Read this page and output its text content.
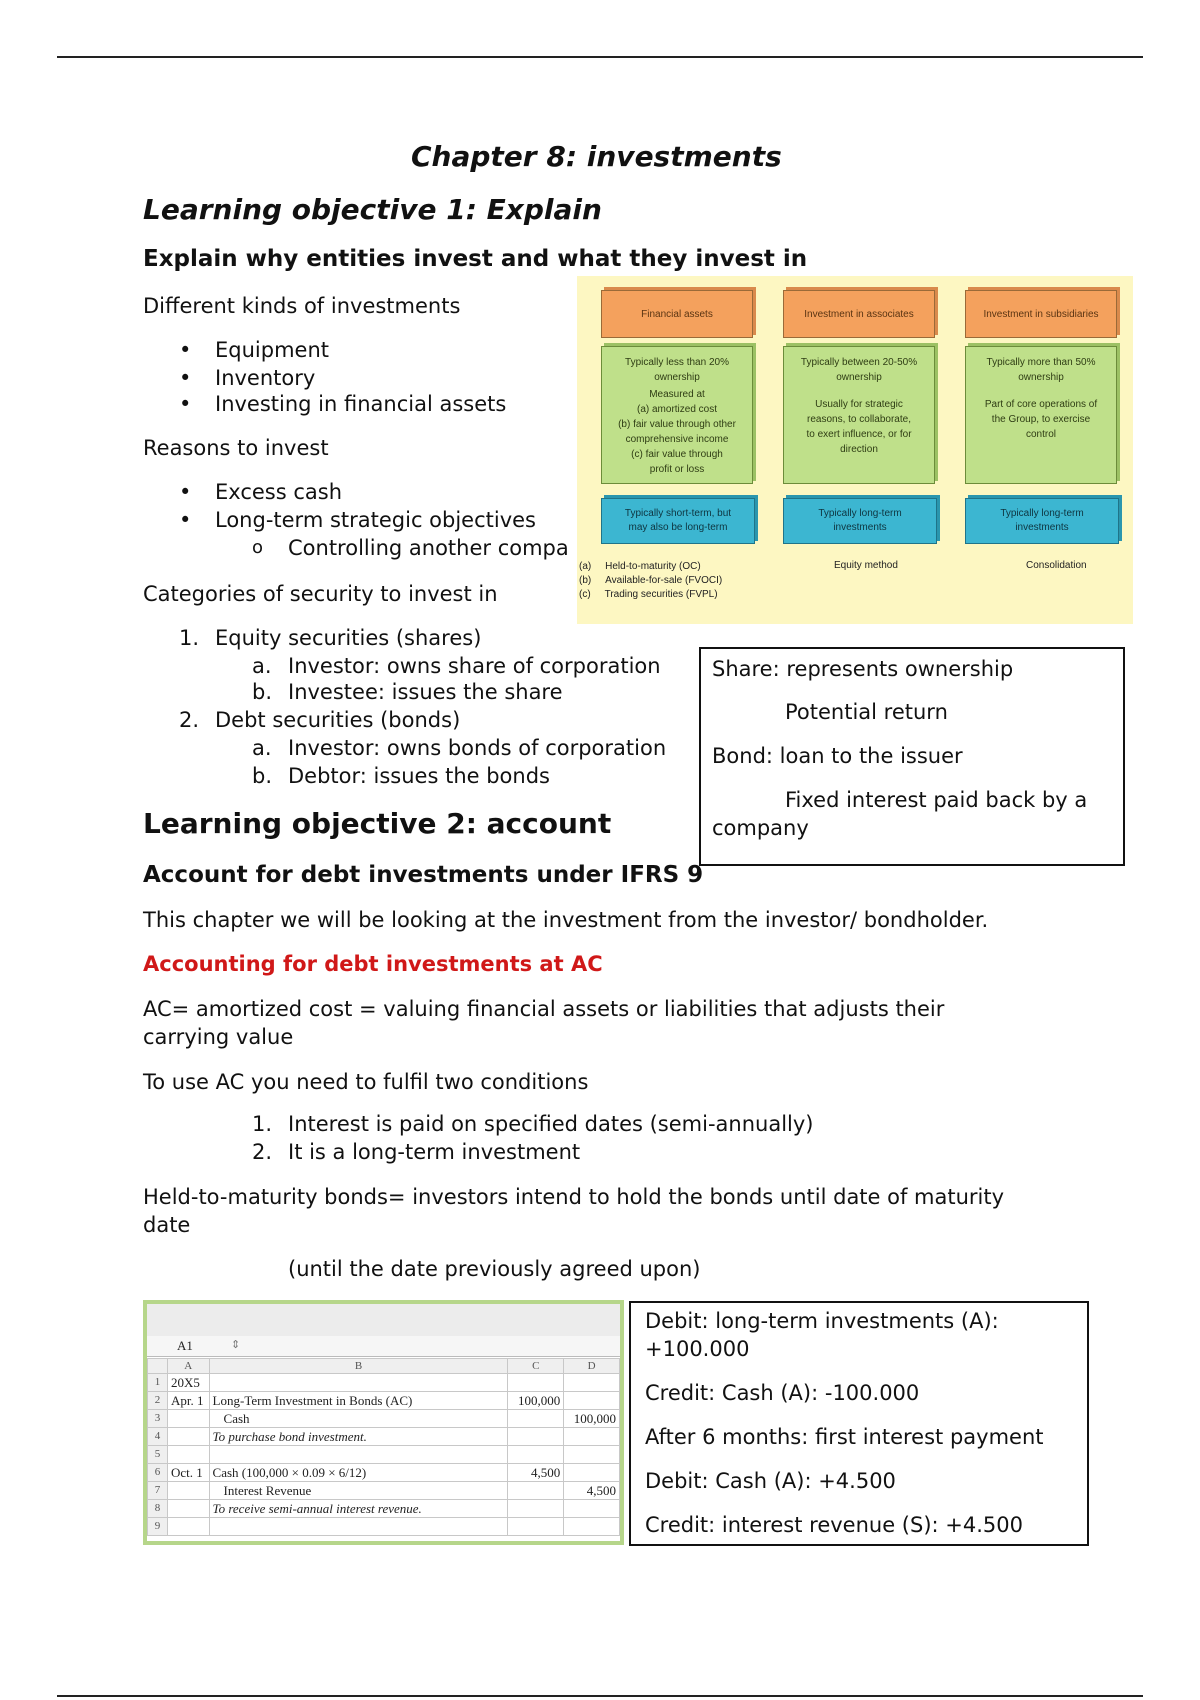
Chapter 8: investments
Learning objective 1: Explain
Explain why entities invest and what they invest in
Different kinds of investments
• Equipment
• Inventory
• Investing in financial assets
Reasons to invest
• Excess cash
• Long-term strategic objectives
o Controlling another compa
Categories of security to invest in
1. Equity securities (shares)
a. Investor: owns share of corporation
b. Investee: issues the share
2. Debt securities (bonds)
a. Investor: owns bonds of corporation
b. Debtor: issues the bonds
Financial assets	Investment in associates	Investment in subsidiaries
Typically less than 20%
ownership
Measured at
(a) amortized cost
(b) fair value through other
comprehensive income
(c) fair value through
profit or loss
Typically between 20-50%
ownership
Usually for strategic
reasons, to collaborate,
to exert influence, or for
direction
Typically more than 50%
ownership
Part of core operations of
the Group, to exercise
control
Typically short-term, but
may also be long-term
Typically long-term
investments
Typically long-term
investments
(a) Held-to-maturity (OC)
(b) Available-for-sale (FVOCI)
(c) Trading securities (FVPL)
Equity method	Consolidation
Share: represents ownership
Potential return
Bond: loan to the issuer
Fixed interest paid back by a
company
Learning objective 2: account
Account for debt investments under IFRS 9
This chapter we will be looking at the investment from the investor/ bondholder.
Accounting for debt investments at AC
AC= amortized cost = valuing financial assets or liabilities that adjusts their
carrying value
To use AC you need to fulfil two conditions
1. Interest is paid on specified dates (semi-annually)
2. It is a long-term investment
Held-to-maturity bonds= investors intend to hold the bonds until date of maturity
date
(until the date previously agreed upon)
A1	⇕
	A	B	C	D
1	20X5			
2	Apr. 1	Long-Term Investment in Bonds (AC)	100,000	
3		Cash		100,000
4		To purchase bond investment.		
5				
6	Oct. 1	Cash (100,000 × 0.09 × 6/12)	4,500	
7		Interest Revenue		4,500
8		To receive semi-annual interest revenue.		
9				
Debit: long-term investments (A):
+100.000
Credit: Cash (A): -100.000
After 6 months: first interest payment
Debit: Cash (A): +4.500
Credit: interest revenue (S): +4.500
